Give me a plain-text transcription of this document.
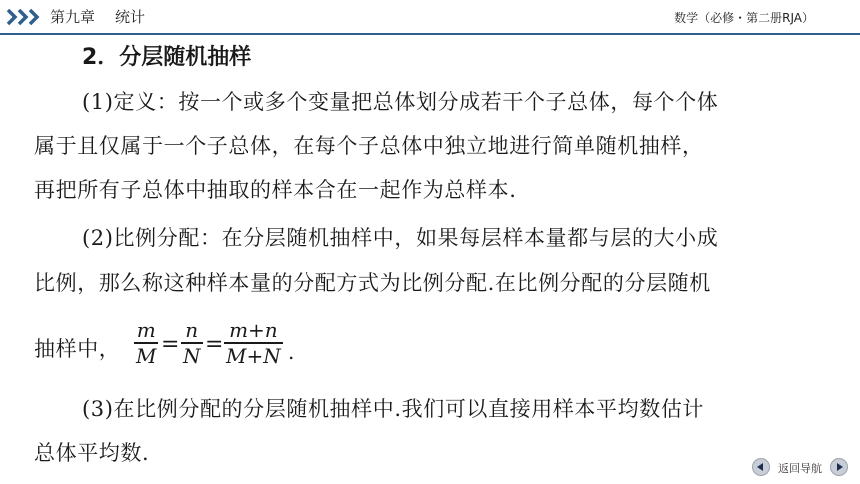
第九章 统计	数学（必修・第二册RJA）
2．分层随机抽样
(1)定义：按一个或多个变量把总体划分成若干个子总体，每个个体
属于且仅属于一个子总体，在每个子总体中独立地进行简单随机抽样，
再把所有子总体中抽取的样本合在一起作为总样本.
(2)比例分配：在分层随机抽样中，如果每层样本量都与层的大小成
比例，那么称这种样本量的分配方式为比例分配.在比例分配的分层随机
抽样中，
m
M =
n
N =
m+n
M+N .
(3)在比例分配的分层随机抽样中.我们可以直接用样本平均数估计
总体平均数.
返回导航
